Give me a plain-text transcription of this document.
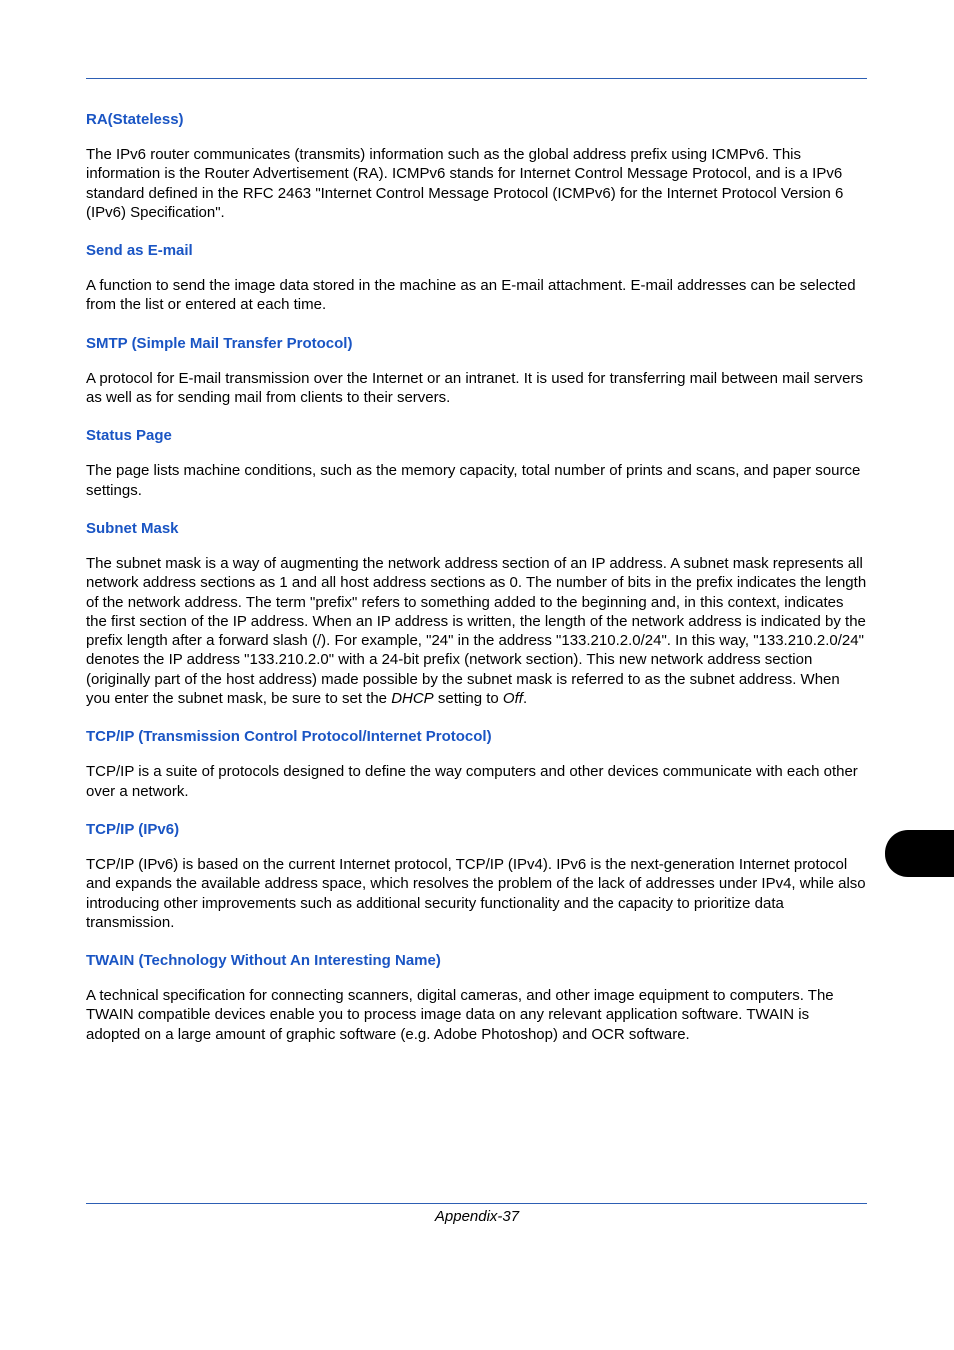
RA(Stateless)
The IPv6 router communicates (transmits) information such as the global address prefix using ICMPv6. This information is the Router Advertisement (RA). ICMPv6 stands for Internet Control Message Protocol, and is a IPv6 standard defined in the RFC 2463 "Internet Control Message Protocol (ICMPv6) for the Internet Protocol Version 6 (IPv6) Specification".
Send as E-mail
A function to send the image data stored in the machine as an E-mail attachment. E-mail addresses can be selected from the list or entered at each time.
SMTP (Simple Mail Transfer Protocol)
A protocol for E-mail transmission over the Internet or an intranet. It is used for transferring mail between mail servers as well as for sending mail from clients to their servers.
Status Page
The page lists machine conditions, such as the memory capacity, total number of prints and scans, and paper source settings.
Subnet Mask
The subnet mask is a way of augmenting the network address section of an IP address. A subnet mask represents all network address sections as 1 and all host address sections as 0. The number of bits in the prefix indicates the length of the network address. The term "prefix" refers to something added to the beginning and, in this context, indicates the first section of the IP address. When an IP address is written, the length of the network address is indicated by the prefix length after a forward slash (/). For example, "24" in the address "133.210.2.0/24". In this way, "133.210.2.0/24" denotes the IP address "133.210.2.0" with a 24-bit prefix (network section). This new network address section (originally part of the host address) made possible by the subnet mask is referred to as the subnet address. When you enter the subnet mask, be sure to set the DHCP setting to Off.
TCP/IP (Transmission Control Protocol/Internet Protocol)
TCP/IP is a suite of protocols designed to define the way computers and other devices communicate with each other over a network.
TCP/IP (IPv6)
TCP/IP (IPv6) is based on the current Internet protocol, TCP/IP (IPv4). IPv6 is the next-generation Internet protocol and expands the available address space, which resolves the problem of the lack of addresses under IPv4, while also introducing other improvements such as additional security functionality and the capacity to prioritize data transmission.
TWAIN (Technology Without An Interesting Name)
A technical specification for connecting scanners, digital cameras, and other image equipment to computers. The TWAIN compatible devices enable you to process image data on any relevant application software. TWAIN is adopted on a large amount of graphic software (e.g. Adobe Photoshop) and OCR software.
Appendix-37
